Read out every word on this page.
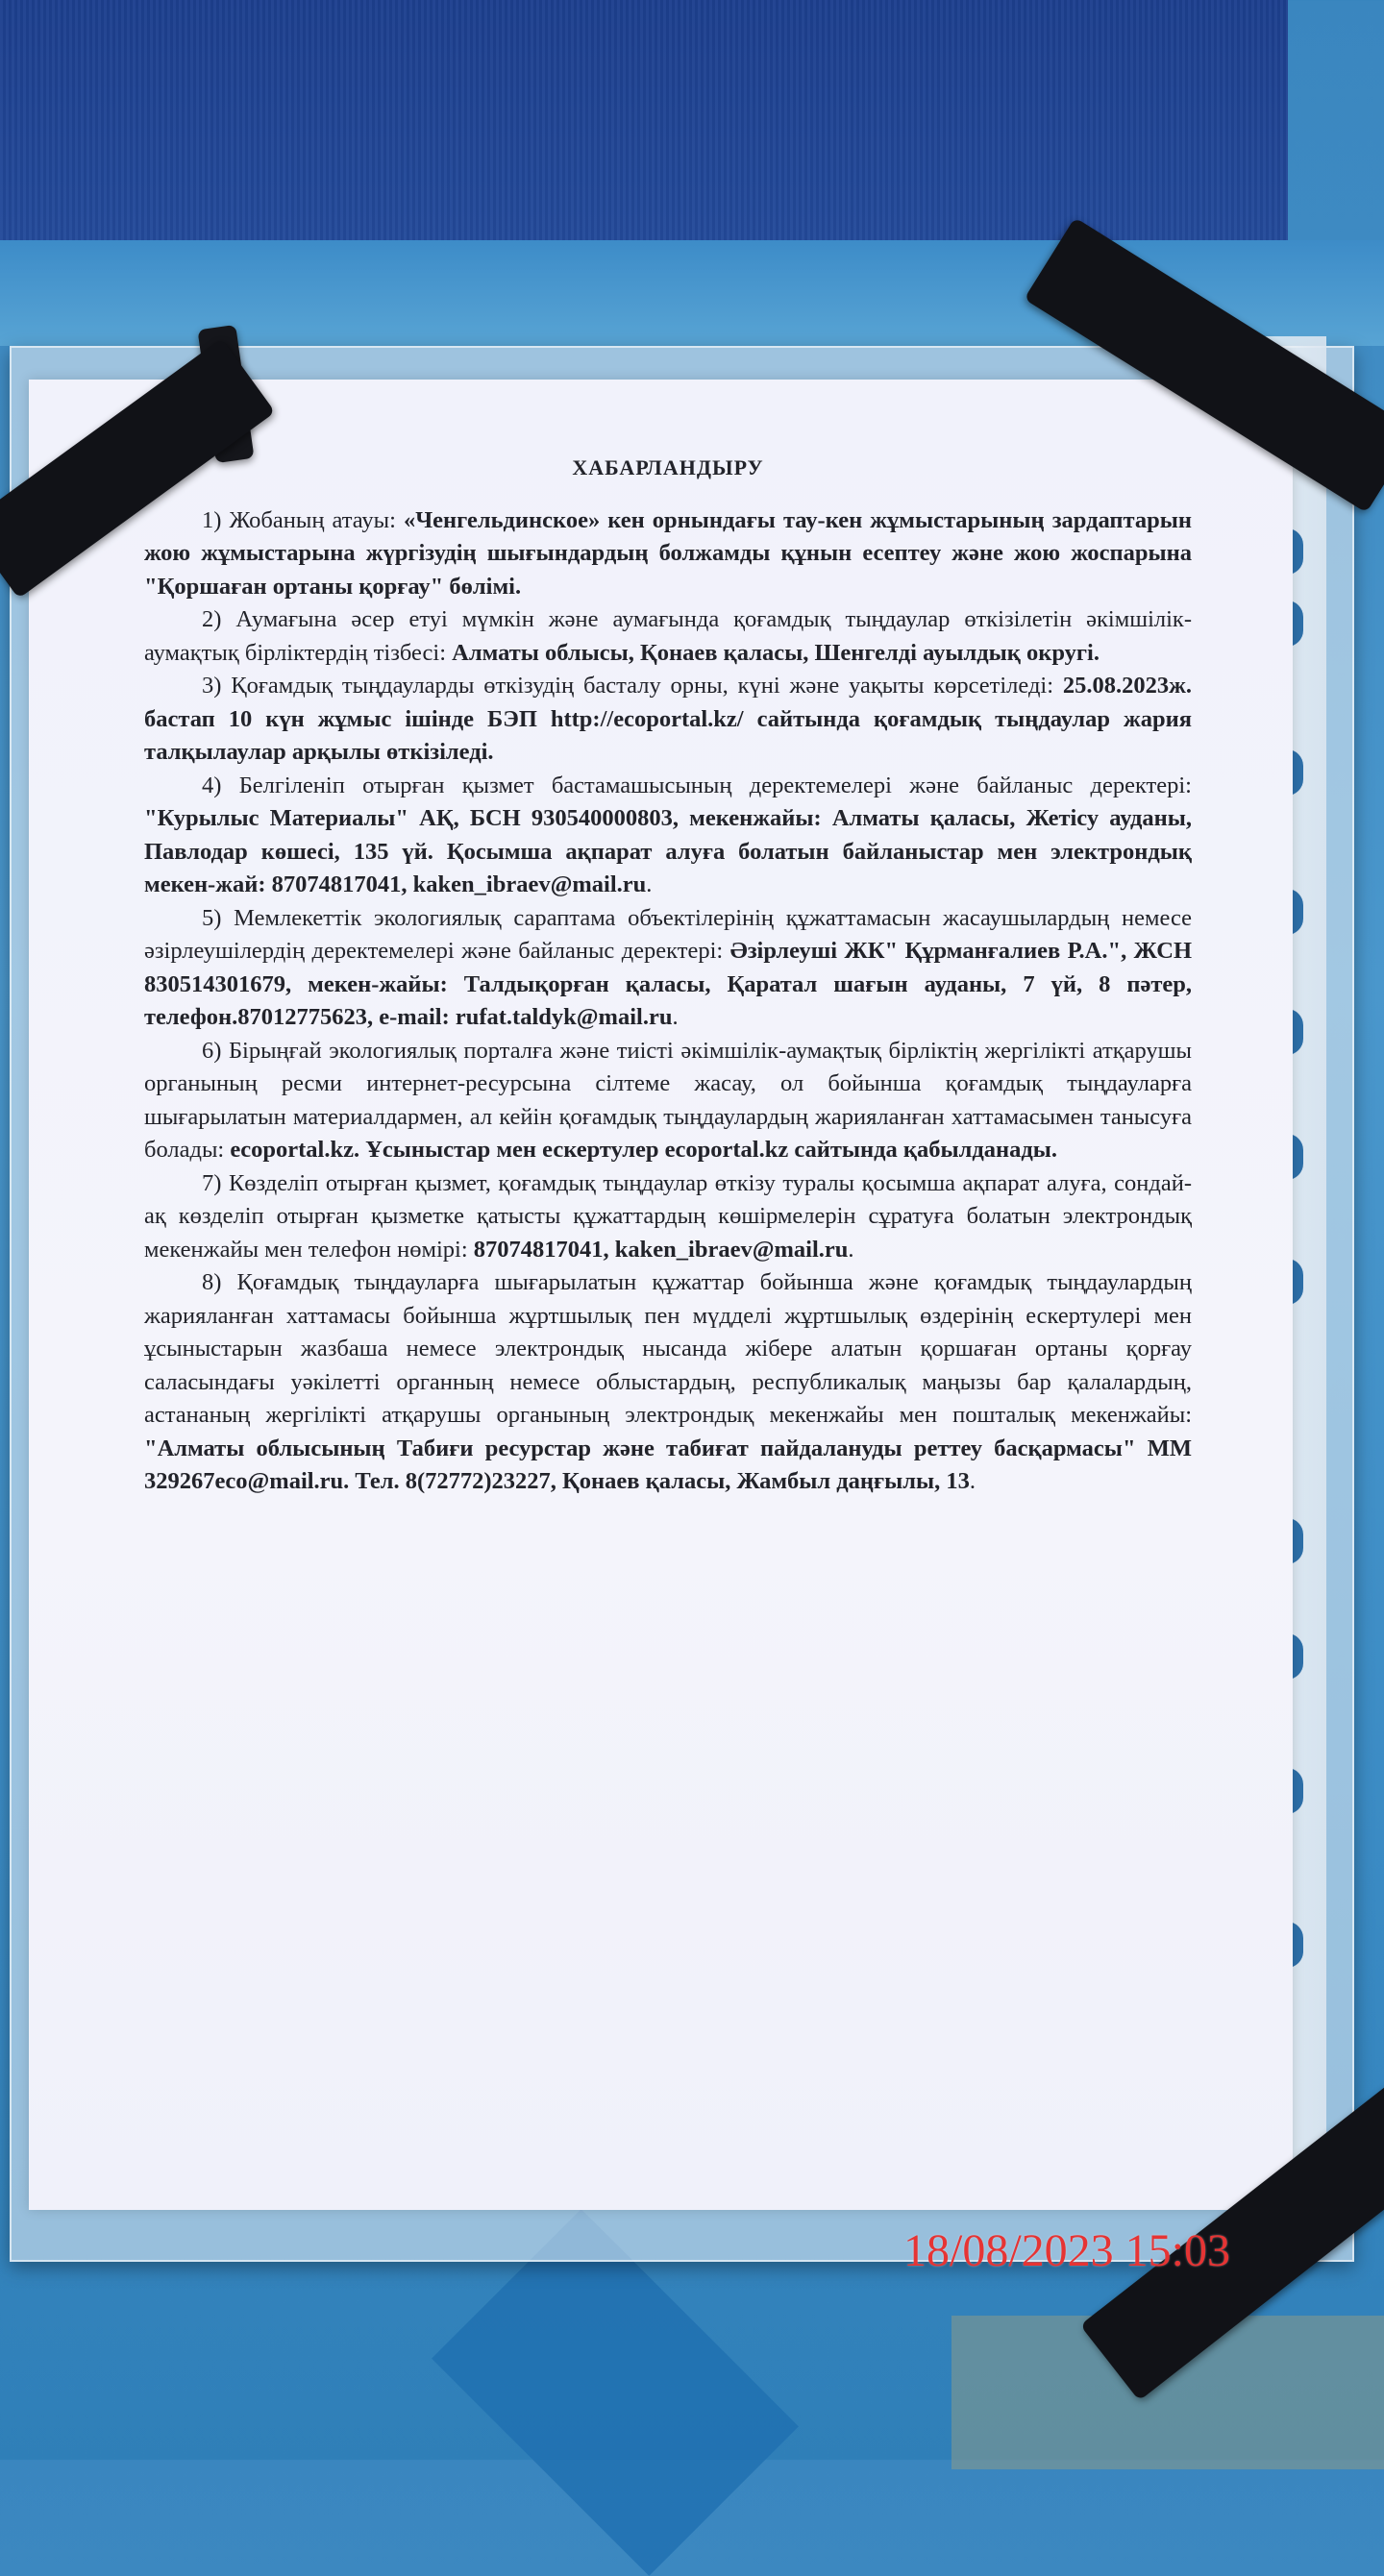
ХАБАРЛАНДЫРУ

1) Жобаның атауы: «Ченгельдинское» кен орнындағы тау-кен жұмыстарының зардаптарын жою жұмыстарына жүргізудің шығындардың болжамды құнын есептеу және жою жоспарына "Қоршаған ортаны қорғау" бөлімі.

2) Аумағына әсер етуі мүмкін және аумағында қоғамдық тыңдаулар өткізілетін әкімшілік-аумақтық бірліктердің тізбесі: Алматы облысы, Қонаев қаласы, Шенгелді ауылдық округі.

3) Қоғамдық тыңдауларды өткізудің басталу орны, күні және уақыты көрсетіледі: 25.08.2023ж. бастап 10 күн жұмыс ішінде БЭП http://ecoportal.kz/ сайтында қоғамдық тыңдаулар жария талқылаулар арқылы өткізіледі.

4) Белгіленіп отырған қызмет бастамашысының деректемелері және байланыс деректері: "Курылыс Материалы" АҚ, БСН 930540000803, мекенжайы: Алматы қаласы, Жетісу ауданы, Павлодар көшесі, 135 үй. Қосымша ақпарат алуға болатын байланыстар мен электрондық мекен-жай: 87074817041, kaken_ibraev@mail.ru.

5) Мемлекеттік экологиялық сараптама объектілерінің құжаттамасын жасаушылардың немесе әзірлеушілердің деректемелері және байланыс деректері: Әзірлеуші ЖК" Құрманғалиев Р.А.", ЖСН 830514301679, мекен-жайы: Талдықорған қаласы, Қаратал шағын ауданы, 7 үй, 8 пәтер, телефон.87012775623, e-mail: rufat.taldyk@mail.ru.

6) Бірыңғай экологиялық порталға және тиісті әкімшілік-аумақтық бірліктің жергілікті атқарушы органының ресми интернет-ресурсына сілтеме жасау, ол бойынша қоғамдық тыңдауларға шығарылатын материалдармен, ал кейін қоғамдық тыңдаулардың жарияланған хаттамасымен танысуға болады: ecoportal.kz. Ұсыныстар мен ескертулер ecoportal.kz сайтында қабылданады.

7) Көзделіп отырған қызмет, қоғамдық тыңдаулар өткізу туралы қосымша ақпарат алуға, сондай-ақ көзделіп отырған қызметке қатысты құжаттардың көшірмелерін сұратуға болатын электрондық мекенжайы мен телефон нөмірі: 87074817041, kaken_ibraev@mail.ru.

8) Қоғамдық тыңдауларға шығарылатын құжаттар бойынша және қоғамдық тыңдаулардың жарияланған хаттамасы бойынша жұртшылық пен мүдделі жұртшылық өздерінің ескертулері мен ұсыныстарын жазбаша немесе электрондық нысанда жібере алатын қоршаған ортаны қорғау саласындағы уәкілетті органның немесе облыстардың, республикалық маңызы бар қалалардың, астананың жергілікті атқарушы органының электрондық мекенжайы мен пошталық мекенжайы: "Алматы облысының Табиғи ресурстар және табиғат пайдалануды реттеу басқармасы" ММ 329267eco@mail.ru. Тел. 8(72772)23227, Қонаев қаласы, Жамбыл даңғылы, 13.

18/08/2023 15:03
